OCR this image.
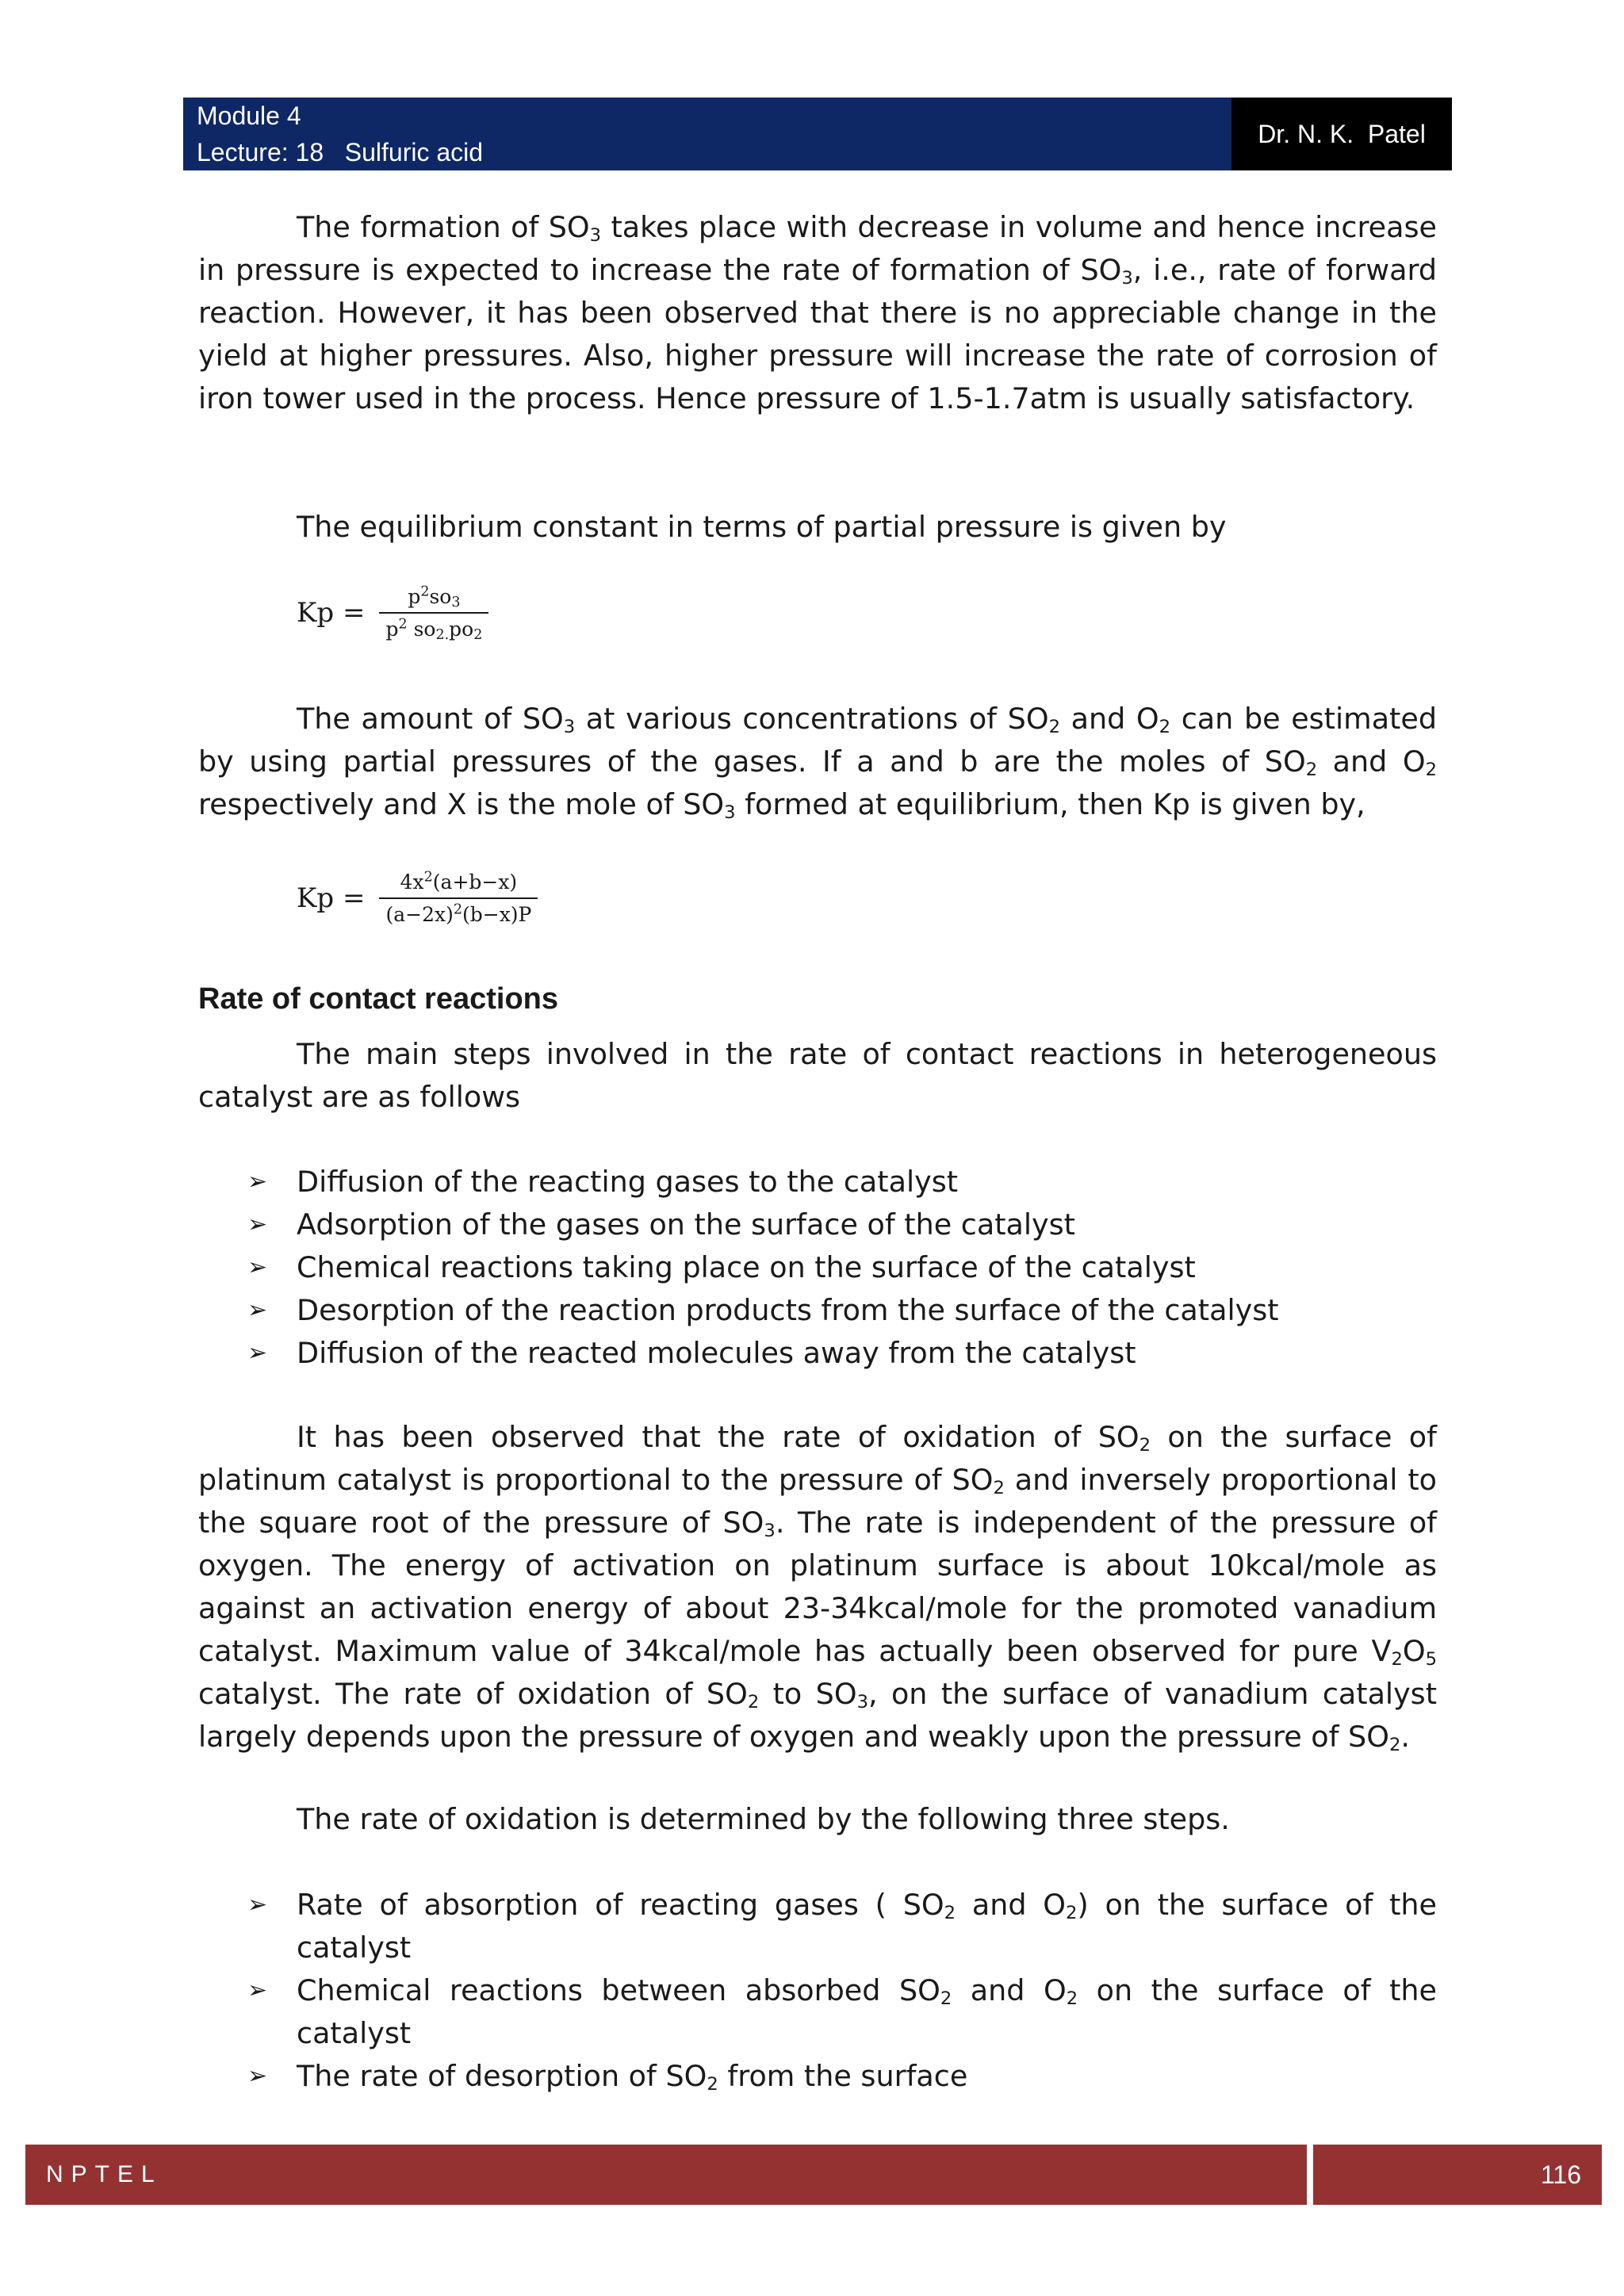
Module 4
Lecture: 18   Sulfuric acid
Dr. N. K.  Patel

The formation of $SO_3$ takes place with decrease in volume and hence increase in pressure is expected to increase the rate of formation of $SO_3$, i.e., rate of forward reaction. However, it has been observed that there is no appreciable change in the yield at higher pressures. Also, higher pressure will increase the rate of corrosion of iron tower used in the process. Hence pressure of 1.5-1.7atm is usually satisfactory.

The equilibrium constant in terms of partial pressure is given by

$Kp = \frac{p^2so_3}{p^2 so_{2.}po_2}$

The amount of $SO_3$ at various concentrations of $SO_2$ and $O_2$ can be estimated by using partial pressures of the gases. If a and b are the moles of $SO_2$ and $O_2$ respectively and X is the mole of $SO_3$ formed at equilibrium, then Kp is given by,

$Kp = \frac{4x^2(a+b-x)}{(a-2x)^2(b-x)P}$
Rate of contact reactions

The main steps involved in the rate of contact reactions in heterogeneous catalyst are as follows

➢ Diffusion of the reacting gases to the catalyst
➢ Adsorption of the gases on the surface of the catalyst
➢ Chemical reactions taking place on the surface of the catalyst
➢ Desorption of the reaction products from the surface of the catalyst
➢ Diffusion of the reacted molecules away from the catalyst

It has been observed that the rate of oxidation of $SO_2$ on the surface of platinum catalyst is proportional to the pressure of $SO_2$ and inversely proportional to the square root of the pressure of $SO_3$. The rate is independent of the pressure of oxygen. The energy of activation on platinum surface is about 10kcal/mole as against an activation energy of about 23-34kcal/mole for the promoted vanadium catalyst. Maximum value of 34kcal/mole has actually been observed for pure $V_2O_5$ catalyst. The rate of oxidation of $SO_2$ to $SO_3$, on the surface of vanadium catalyst largely depends upon the pressure of oxygen and weakly upon the pressure of $SO_2$.

The rate of oxidation is determined by the following three steps.

➢ Rate of absorption of reacting gases ( $SO_2$ and $O_2$) on the surface of the catalyst
➢ Chemical reactions between absorbed $SO_2$ and $O_2$ on the surface of the catalyst
➢ The rate of desorption of $SO_2$ from the surface
NPTEL	116
